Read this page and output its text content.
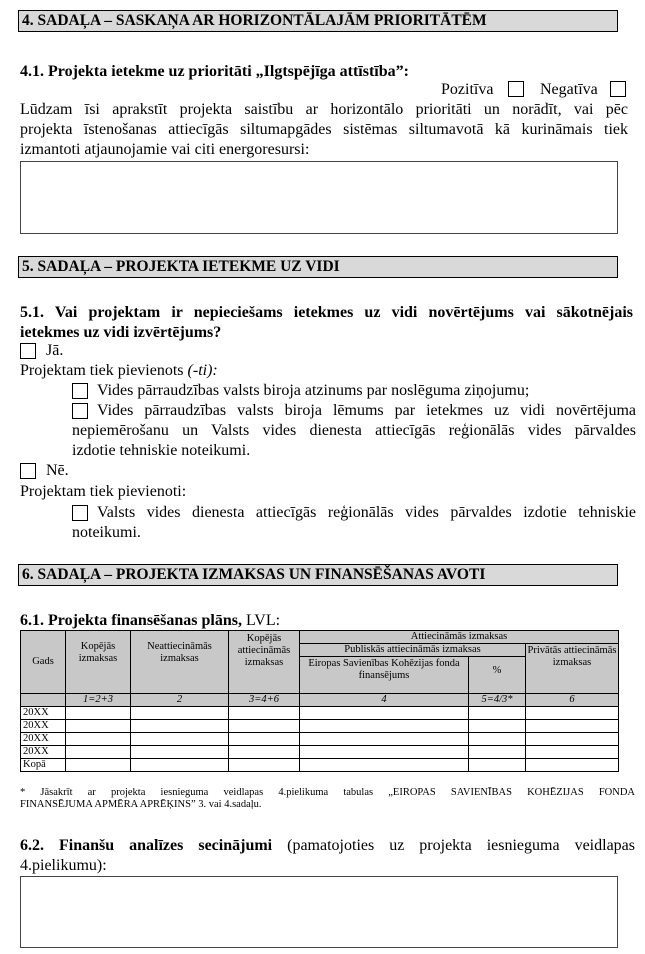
4. SADAĻA – SASKAŅA AR HORIZONTĀLAJĀM PRIORITĀTĒM
4.1. Projekta ietekme uz prioritāti „Ilgtspējīga attīstība”:
Pozitīva	Negatīva
Lūdzam īsi aprakstīt projekta saistību ar horizontālo prioritāti un norādīt, vai pēc
projekta īstenošanas attiecīgās siltumapgādes sistēmas siltumavotā kā kurināmais tiek
izmantoti atjaunojamie vai citi energoresursi:
5. SADAĻA – PROJEKTA IETEKME UZ VIDI
5.1. Vai projektam ir nepieciešams ietekmes uz vidi novērtējums vai sākotnējais
ietekmes uz vidi izvērtējums?
Jā.
Projektam tiek pievienots (-ti):
Vides pārraudzības valsts biroja atzinums par noslēguma ziņojumu;
Vides pārraudzības valsts biroja lēmums par ietekmes uz vidi novērtējuma
nepiemērošanu un Valsts vides dienesta attiecīgās reģionālās vides pārvaldes
izdotie tehniskie noteikumi.
Nē.
Projektam tiek pievienoti:
Valsts vides dienesta attiecīgās reģionālās vides pārvaldes izdotie tehniskie
noteikumi.
6. SADAĻA – PROJEKTA IZMAKSAS UN FINANSĒŠANAS AVOTI
6.1. Projekta finansēšanas plāns, LVL:
Gads	Kopējās izmaksas	Neattiecināmās izmaksas	Kopējās attiecināmās izmaksas	Attiecināmās izmaksas		
				Publiskās attiecināmās izmaksas		Privātās attiecināmās izmaksas
				Eiropas Savienības Kohēzijas fonda finansējums	%	
	1=2+3	2	3=4+6	4	5=4/3*	6
20XX						
20XX						
20XX						
20XX						
Kopā						
* Jāsakrīt ar projekta iesnieguma veidlapas 4.pielikuma tabulas „EIROPAS SAVIENĪBAS KOHĒZIJAS FONDA
FINANSĒJUMA APMĒRA APRĒĶINS” 3. vai 4.sadaļu.
6.2. Finanšu analīzes secinājumi (pamatojoties uz projekta iesnieguma veidlapas
4.pielikumu):
